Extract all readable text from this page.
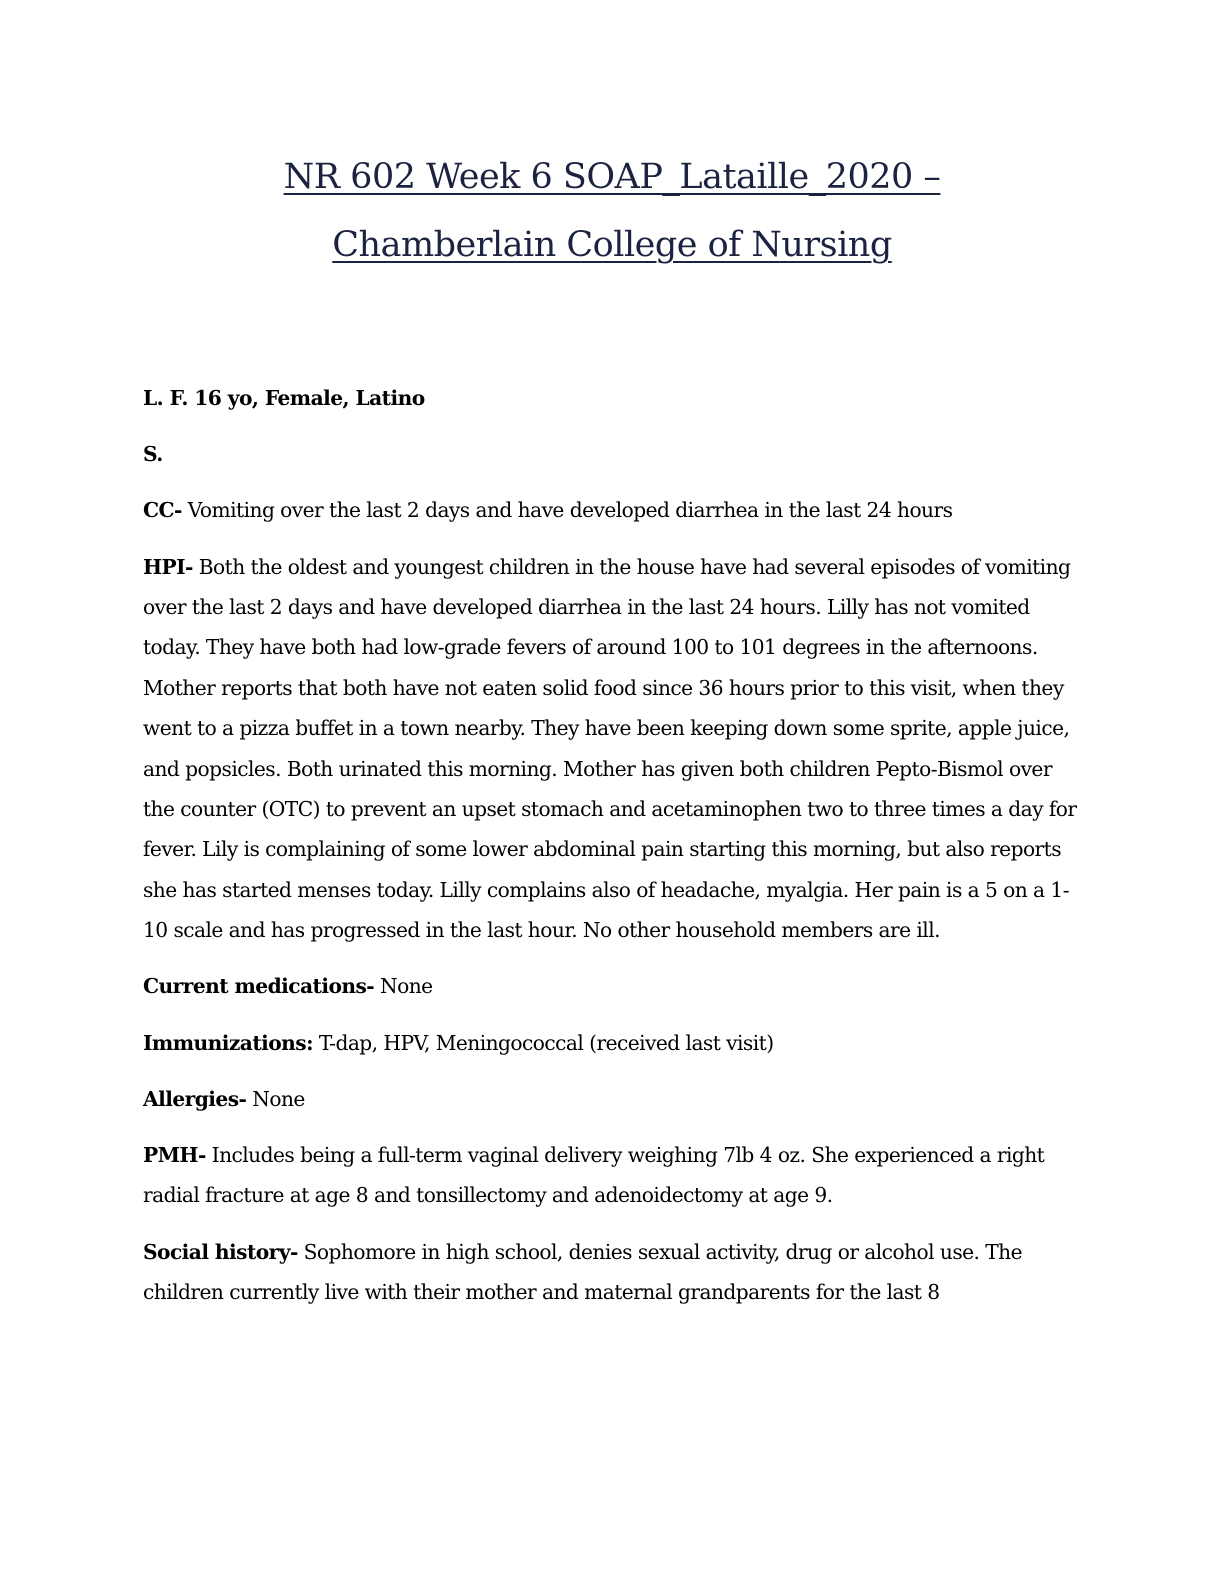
NR 602 Week 6 SOAP_Lataille_2020 –
Chamberlain College of Nursing

L. F. 16 yo, Female, Latino

S.

CC- Vomiting over the last 2 days and have developed diarrhea in the last 24 hours

HPI- Both the oldest and youngest children in the house have had several episodes of vomiting over the last 2 days and have developed diarrhea in the last 24 hours. Lilly has not vomited today. They have both had low-grade fevers of around 100 to 101 degrees in the afternoons. Mother reports that both have not eaten solid food since 36 hours prior to this visit, when they went to a pizza buffet in a town nearby. They have been keeping down some sprite, apple juice, and popsicles. Both urinated this morning. Mother has given both children Pepto-Bismol over the counter (OTC) to prevent an upset stomach and acetaminophen two to three times a day for fever. Lily is complaining of some lower abdominal pain starting this morning, but also reports she has started menses today. Lilly complains also of headache, myalgia. Her pain is a 5 on a 1-10 scale and has progressed in the last hour. No other household members are ill.

Current medications- None

Immunizations: T-dap, HPV, Meningococcal (received last visit)

Allergies- None

PMH- Includes being a full-term vaginal delivery weighing 7lb 4 oz. She experienced a right radial fracture at age 8 and tonsillectomy and adenoidectomy at age 9.

Social history- Sophomore in high school, denies sexual activity, drug or alcohol use. The children currently live with their mother and maternal grandparents for the last 8
